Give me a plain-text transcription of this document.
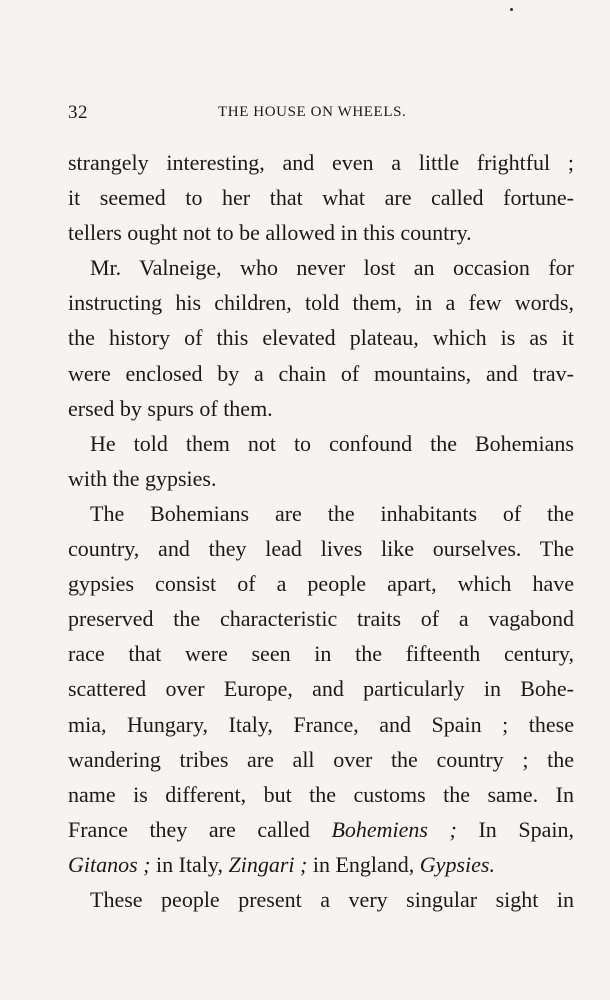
32	THE HOUSE ON WHEELS.
strangely interesting, and even a little frightful ;
it seemed to her that what are called fortune-
tellers ought not to be allowed in this country.
Mr. Valneige, who never lost an occasion for
instructing his children, told them, in a few words,
the history of this elevated plateau, which is as it
were enclosed by a chain of mountains, and trav-
ersed by spurs of them.
He told them not to confound the Bohemians
with the gypsies.
The Bohemians are the inhabitants of the
country, and they lead lives like ourselves. The
gypsies consist of a people apart, which have
preserved the characteristic traits of a vagabond
race that were seen in the fifteenth century,
scattered over Europe, and particularly in Bohe-
mia, Hungary, Italy, France, and Spain ; these
wandering tribes are all over the country ; the
name is different, but the customs the same. In
France they are called Bohemiens ; In Spain,
Gitanos ; in Italy, Zingari ; in England, Gypsies.
These people present a very singular sight in
